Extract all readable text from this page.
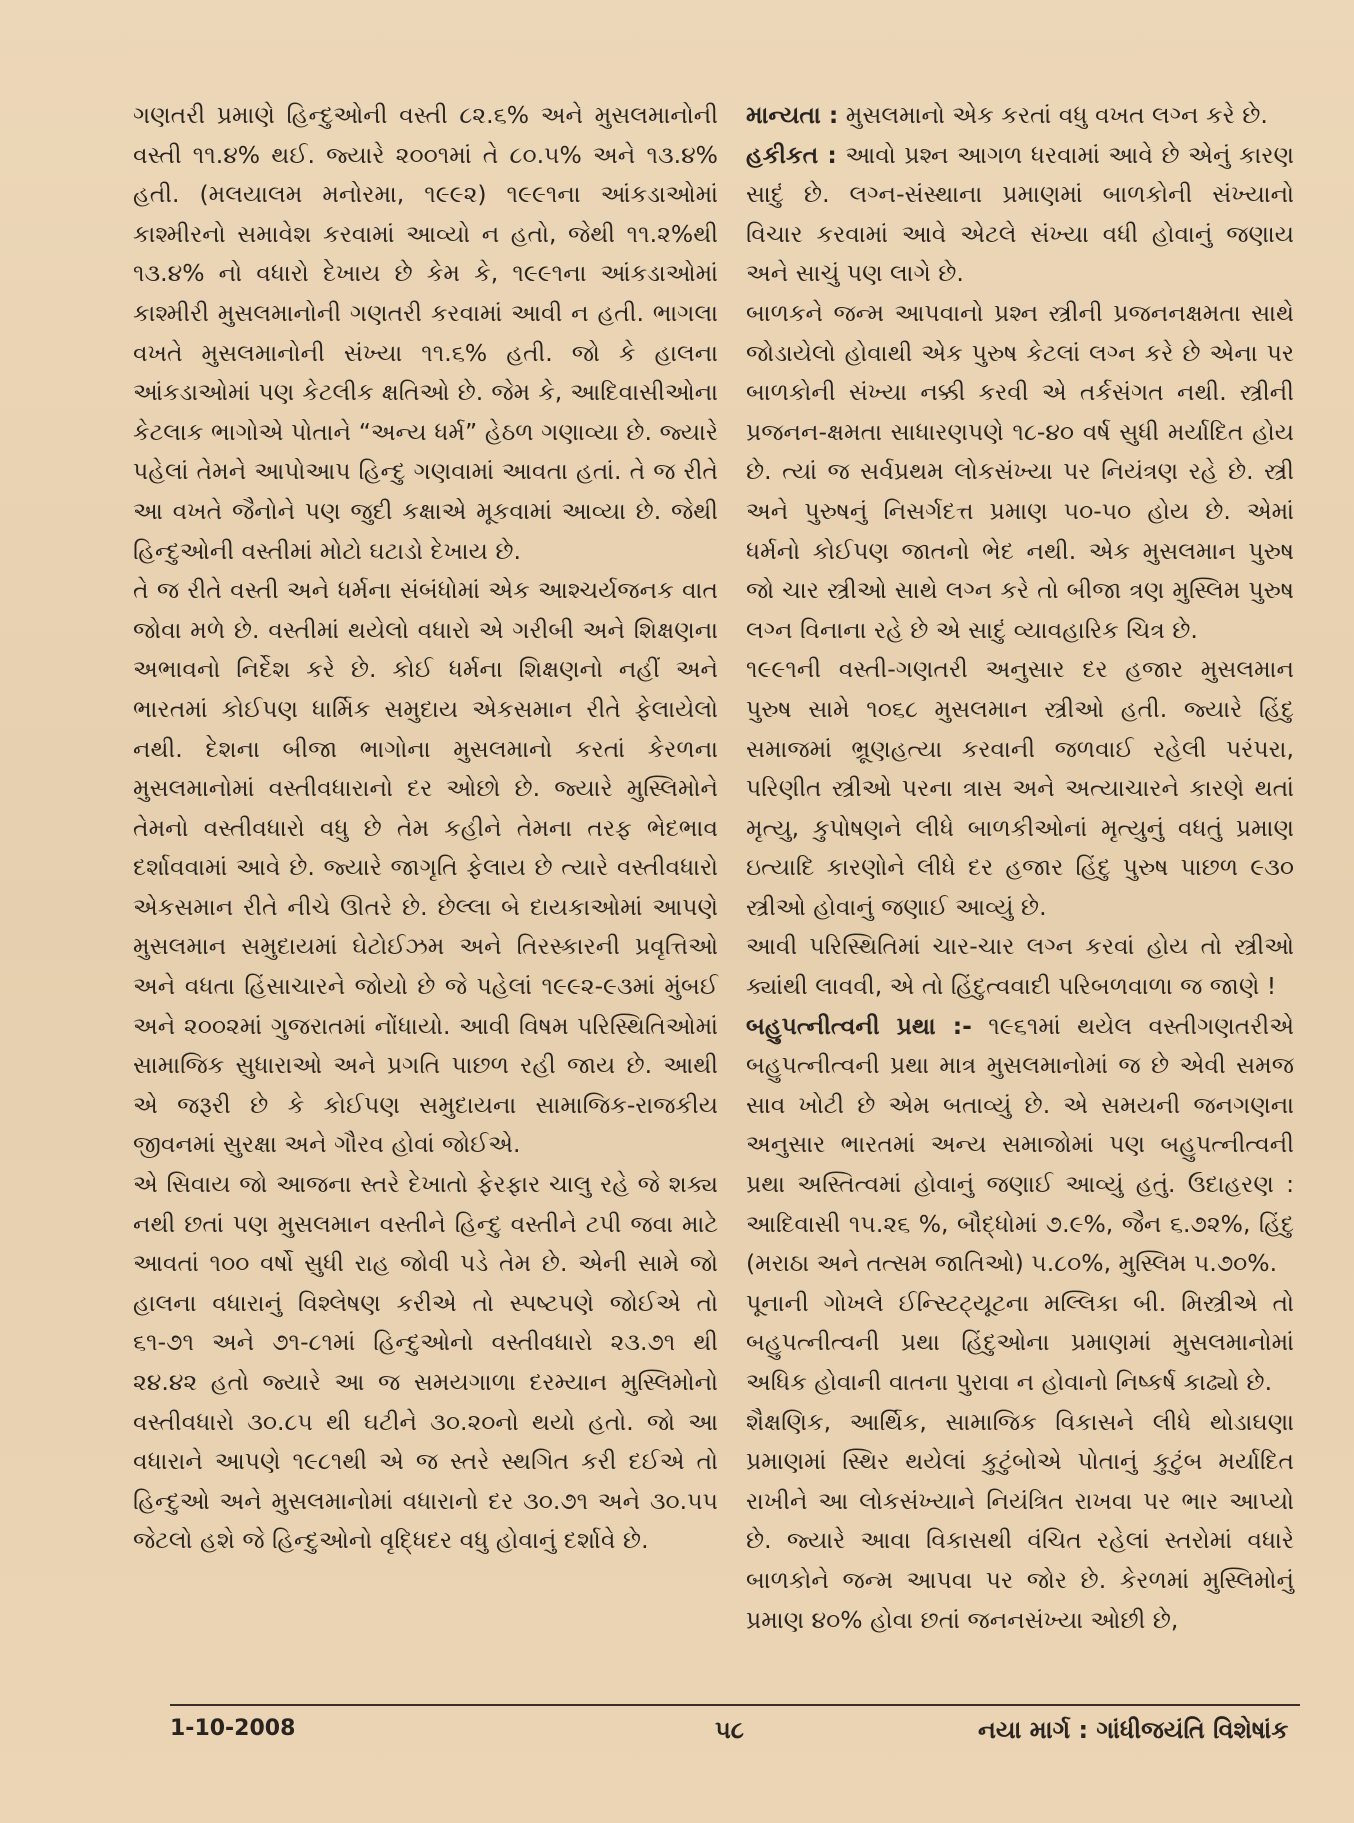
ગણતરી પ્રમાણે હિન્દુઓની વસ્તી ૮૨.૬% અને મુસલમાનોની વસ્તી ૧૧.૪% થઈ. જ્યારે ૨૦૦૧માં તે ૮૦.૫% અને ૧૩.૪% હતી. (મલયાલમ મનોરમા, ૧૯૯૨) ૧૯૯૧ના આંકડાઓમાં કાશ્મીરનો સમાવેશ કરવામાં આવ્યો ન હતો, જેથી ૧૧.૨%થી ૧૩.૪% નો વધારો દેખાય છે કેમ કે, ૧૯૯૧ના આંકડાઓમાં કાશ્મીરી મુસલમાનોની ગણતરી કરવામાં આવી ન હતી. ભાગલા વખતે મુસલમાનોની સંખ્યા ૧૧.૬% હતી. જો કે હાલના આંકડાઓમાં પણ કેટલીક ક્ષતિઓ છે. જેમ કે, આદિવાસીઓના કેટલાક ભાગોએ પોતાને “અન્ય ધર્મ” હેઠળ ગણાવ્યા છે. જ્યારે પહેલાં તેમને આપોઆપ હિન્દુ ગણવામાં આવતા હતાં. તે જ રીતે આ વખતે જૈનોને પણ જુદી કક્ષાએ મૂકવામાં આવ્યા છે. જેથી હિન્દુઓની વસ્તીમાં મોટો ઘટાડો દેખાય છે.

તે જ રીતે વસ્તી અને ધર્મના સંબંધોમાં એક આશ્ચર્યજનક વાત જોવા મળે છે. વસ્તીમાં થયેલો વધારો એ ગરીબી અને શિક્ષણના અભાવનો નિર્દેશ કરે છે. કોઈ ધર્મના શિક્ષણનો નહીં અને ભારતમાં કોઈપણ ધાર્મિક સમુદાય એકસમાન રીતે ફેલાયેલો નથી. દેશના બીજા ભાગોના મુસલમાનો કરતાં કેરળના મુસલમાનોમાં વસ્તીવધારાનો દર ઓછો છે. જ્યારે મુસ્લિમોને તેમનો વસ્તીવધારો વધુ છે તેમ કહીને તેમના તરફ ભેદભાવ દર્શાવવામાં આવે છે. જ્યારે જાગૃતિ ફેલાય છે ત્યારે વસ્તીવધારો એકસમાન રીતે નીચે ઊતરે છે. છેલ્લા બે દાયકાઓમાં આપણે મુસલમાન સમુદાયમાં ઘેટોઈઝમ અને તિરસ્કારની પ્રવૃત્તિઓ અને વધતા હિંસાચારને જોયો છે જે પહેલાં ૧૯૯૨-૯૩માં મુંબઈ અને ૨૦૦૨માં ગુજરાતમાં નોંધાયો. આવી વિષમ પરિસ્થિતિઓમાં સામાજિક સુધારાઓ અને પ્રગતિ પાછળ રહી જાય છે. આથી એ જરૂરી છે કે કોઈપણ સમુદાયના સામાજિક-રાજકીય જીવનમાં સુરક્ષા અને ગૌરવ હોવાં જોઈએ.

એ સિવાય જો આજના સ્તરે દેખાતો ફેરફાર ચાલુ રહે જે શક્ય નથી છતાં પણ મુસલમાન વસ્તીને હિન્દુ વસ્તીને ટપી જવા માટે આવતાં ૧૦૦ વર્ષો સુધી રાહ જોવી પડે તેમ છે. એની સામે જો હાલના વધારાનું વિશ્લેષણ કરીએ તો સ્પષ્ટપણે જોઈએ તો ૬૧-૭૧ અને ૭૧-૮૧માં હિન્દુઓનો વસ્તીવધારો ૨૩.૭૧ થી ૨૪.૪૨ હતો જ્યારે આ જ સમયગાળા દરમ્યાન મુસ્લિમોનો વસ્તીવધારો ૩૦.૮૫ થી ઘટીને ૩૦.૨૦નો થયો હતો. જો આ વધારાને આપણે ૧૯૮૧થી એ જ સ્તરે સ્થગિત કરી દઈએ તો હિન્દુઓ અને મુસલમાનોમાં વધારાનો દર ૩૦.૭૧ અને ૩૦.૫૫ જેટલો હશે જે હિન્દુઓનો વૃદ્ધિદર વધુ હોવાનું દર્શાવે છે.

માન્યતા : મુસલમાનો એક કરતાં વધુ વખત લગ્ન કરે છે.

હકીકત : આવો પ્રશ્ન આગળ ધરવામાં આવે છે એનું કારણ સાદું છે. લગ્ન-સંસ્થાના પ્રમાણમાં બાળકોની સંખ્યાનો વિચાર કરવામાં આવે એટલે સંખ્યા વધી હોવાનું જણાય અને સાચું પણ લાગે છે.

બાળકને જન્મ આપવાનો પ્રશ્ન સ્ત્રીની પ્રજનનક્ષમતા સાથે જોડાયેલો હોવાથી એક પુરુષ કેટલાં લગ્ન કરે છે એના પર બાળકોની સંખ્યા નક્કી કરવી એ તર્કસંગત નથી. સ્ત્રીની પ્રજનન-ક્ષમતા સાધારણપણે ૧૮-૪૦ વર્ષ સુધી મર્યાદિત હોય છે. ત્યાં જ સર્વપ્રથમ લોકસંખ્યા પર નિયંત્રણ રહે છે. સ્ત્રી અને પુરુષનું નિસર્ગદત્ત પ્રમાણ ૫૦-૫૦ હોય છે. એમાં ધર્મનો કોઈપણ જાતનો ભેદ નથી. એક મુસલમાન પુરુષ જો ચાર સ્ત્રીઓ સાથે લગ્ન કરે તો બીજા ત્રણ મુસ્લિમ પુરુષ લગ્ન વિનાના રહે છે એ સાદું વ્યાવહારિક ચિત્ર છે.

૧૯૯૧ની વસ્તી-ગણતરી અનુસાર દર હજાર મુસલમાન પુરુષ સામે ૧૦૬૮ મુસલમાન સ્ત્રીઓ હતી. જ્યારે હિંદુ સમાજમાં ભ્રૂણહત્યા કરવાની જળવાઈ રહેલી પરંપરા, પરિણીત સ્ત્રીઓ પરના ત્રાસ અને અત્યાચારને કારણે થતાં મૃત્યુ, કુપોષણને લીધે બાળકીઓનાં મૃત્યુનું વધતું પ્રમાણ ઇત્યાદિ કારણોને લીધે દર હજાર હિંદુ પુરુષ પાછળ ૯૩૦ સ્ત્રીઓ હોવાનું જણાઈ આવ્યું છે.

આવી પરિસ્થિતિમાં ચાર-ચાર લગ્ન કરવાં હોય તો સ્ત્રીઓ ક્યાંથી લાવવી, એ તો હિંદુત્વવાદી પરિબળવાળા જ જાણે !

બહુપત્નીત્વની પ્રથા :- ૧૯૬૧માં થયેલ વસ્તીગણતરીએ બહુપત્નીત્વની પ્રથા માત્ર મુસલમાનોમાં જ છે એવી સમજ સાવ ખોટી છે એમ બતાવ્યું છે. એ સમયની જનગણના અનુસાર ભારતમાં અન્ય સમાજોમાં પણ બહુપત્નીત્વની પ્રથા અસ્તિત્વમાં હોવાનું જણાઈ આવ્યું હતું. ઉદાહરણ : આદિવાસી ૧૫.૨૬ %, બૌદ્ધોમાં ૭.૯%, જૈન ૬.૭૨%, હિંદુ (મરાઠા અને તત્સમ જાતિઓ) ૫.૮૦%, મુસ્લિમ ૫.૭૦%.

પૂનાની ગોખલે ઈન્સ્ટિટ્યૂટના મલ્લિકા બી. મિસ્ત્રીએ તો બહુપત્નીત્વની પ્રથા હિંદુઓના પ્રમાણમાં મુસલમાનોમાં અધિક હોવાની વાતના પુરાવા ન હોવાનો નિષ્કર્ષ કાઢ્યો છે.

શૈક્ષણિક, આર્થિક, સામાજિક વિકાસને લીધે થોડાઘણા પ્રમાણમાં સ્થિર થયેલાં કુટુંબોએ પોતાનું કુટુંબ મર્યાદિત રાખીને આ લોકસંખ્યાને નિયંત્રિત રાખવા પર ભાર આપ્યો છે. જ્યારે આવા વિકાસથી વંચિત રહેલાં સ્તરોમાં વધારે બાળકોને જન્મ આપવા પર જોર છે. કેરળમાં મુસ્લિમોનું પ્રમાણ ૪૦% હોવા છતાં જનનસંખ્યા ઓછી છે,

1-10-2008	૫૮	નયા માર્ગ : ગાંધીજયંતિ વિશેષાંક
